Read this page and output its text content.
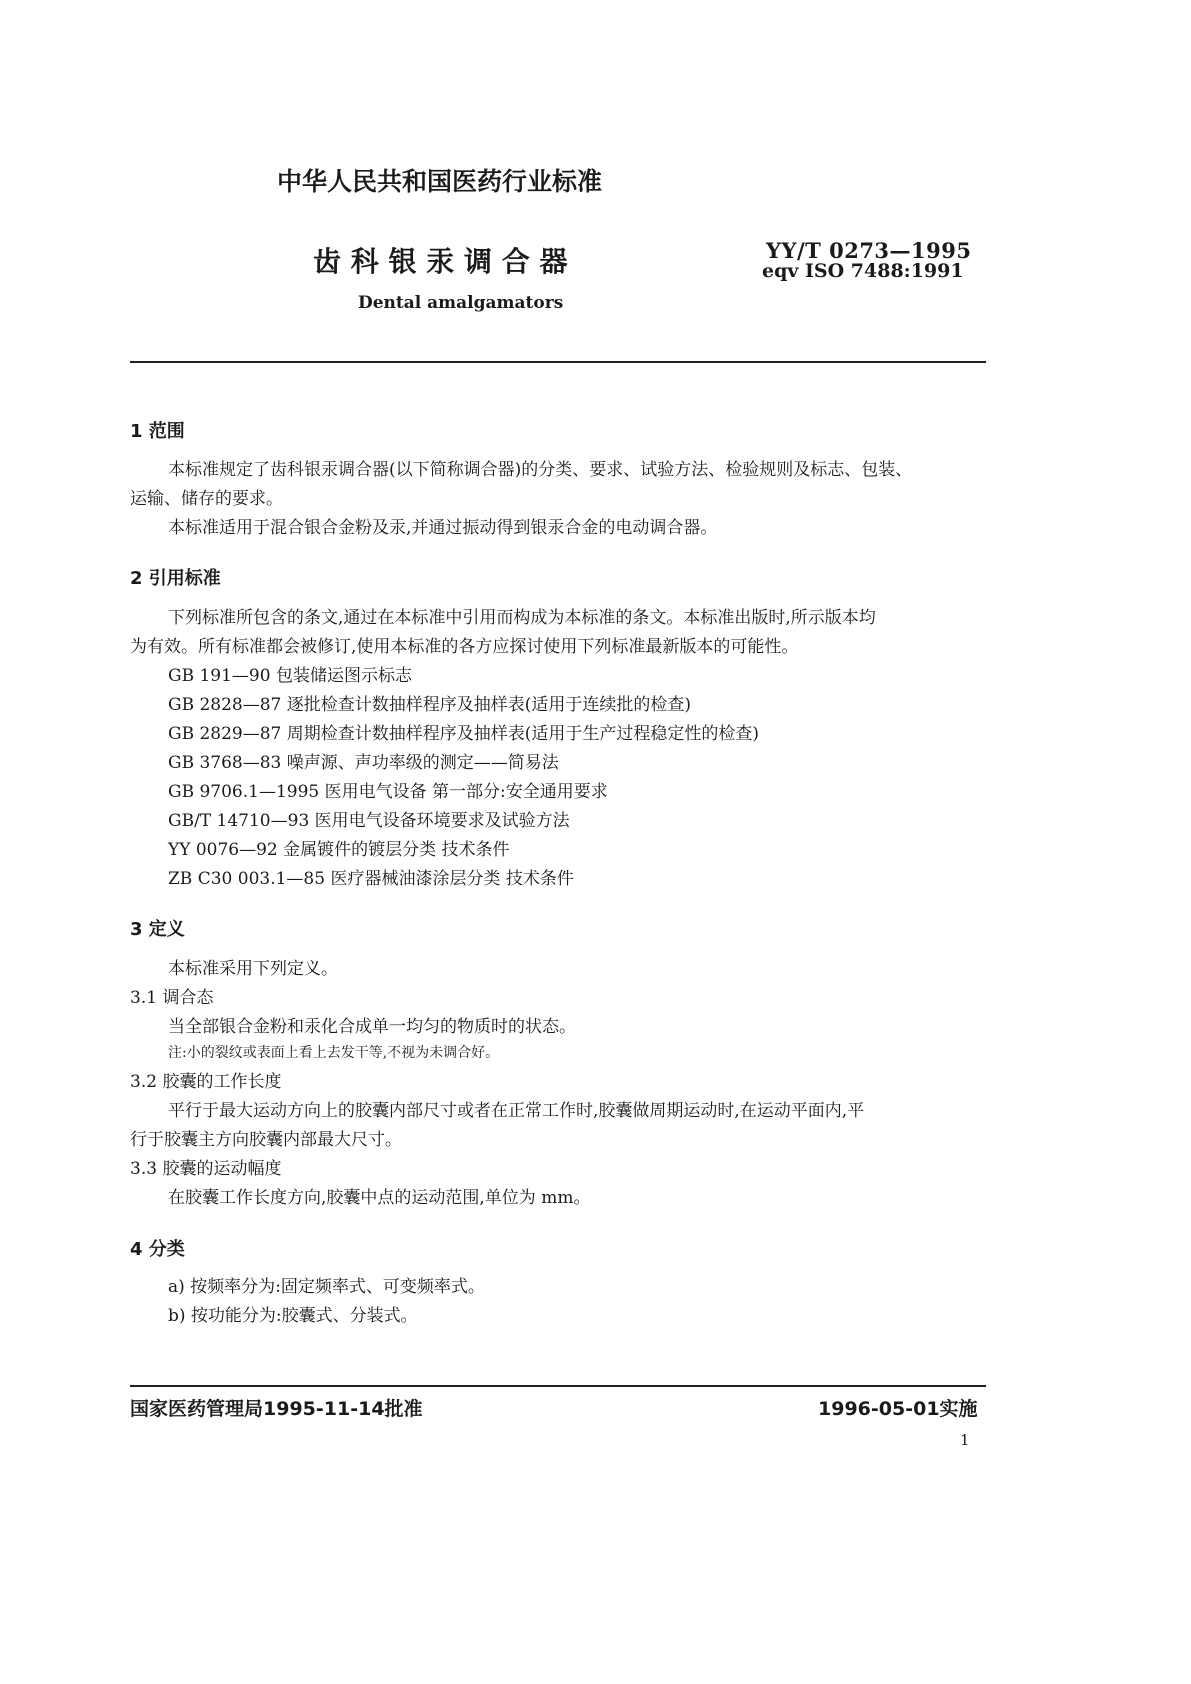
中华人民共和国医药行业标准
齿 科 银 汞 调 合 器
Dental amalgamators
YY/T 0273—1995
eqv ISO 7488:1991
1 范围
本标准规定了齿科银汞调合器(以下简称调合器)的分类、要求、试验方法、检验规则及标志、包装、
运输、储存的要求。
本标准适用于混合银合金粉及汞,并通过振动得到银汞合金的电动调合器。
2 引用标准
下列标准所包含的条文,通过在本标准中引用而构成为本标准的条文。本标准出版时,所示版本均
为有效。所有标准都会被修订,使用本标准的各方应探讨使用下列标准最新版本的可能性。
GB 191—90 包装储运图示标志
GB 2828—87 逐批检查计数抽样程序及抽样表(适用于连续批的检查)
GB 2829—87 周期检查计数抽样程序及抽样表(适用于生产过程稳定性的检查)
GB 3768—83 噪声源、声功率级的测定——简易法
GB 9706.1—1995 医用电气设备 第一部分:安全通用要求
GB/T 14710—93 医用电气设备环境要求及试验方法
YY 0076—92 金属镀件的镀层分类 技术条件
ZB C30 003.1—85 医疗器械油漆涂层分类 技术条件
3 定义
本标准采用下列定义。
3.1 调合态
当全部银合金粉和汞化合成单一均匀的物质时的状态。
注:小的裂纹或表面上看上去发干等,不视为未调合好。
3.2 胶囊的工作长度
平行于最大运动方向上的胶囊内部尺寸或者在正常工作时,胶囊做周期运动时,在运动平面内,平
行于胶囊主方向胶囊内部最大尺寸。
3.3 胶囊的运动幅度
在胶囊工作长度方向,胶囊中点的运动范围,单位为 mm。
4 分类
a) 按频率分为:固定频率式、可变频率式。
b) 按功能分为:胶囊式、分装式。
国家医药管理局1995-11-14批准	1996-05-01实施
1
